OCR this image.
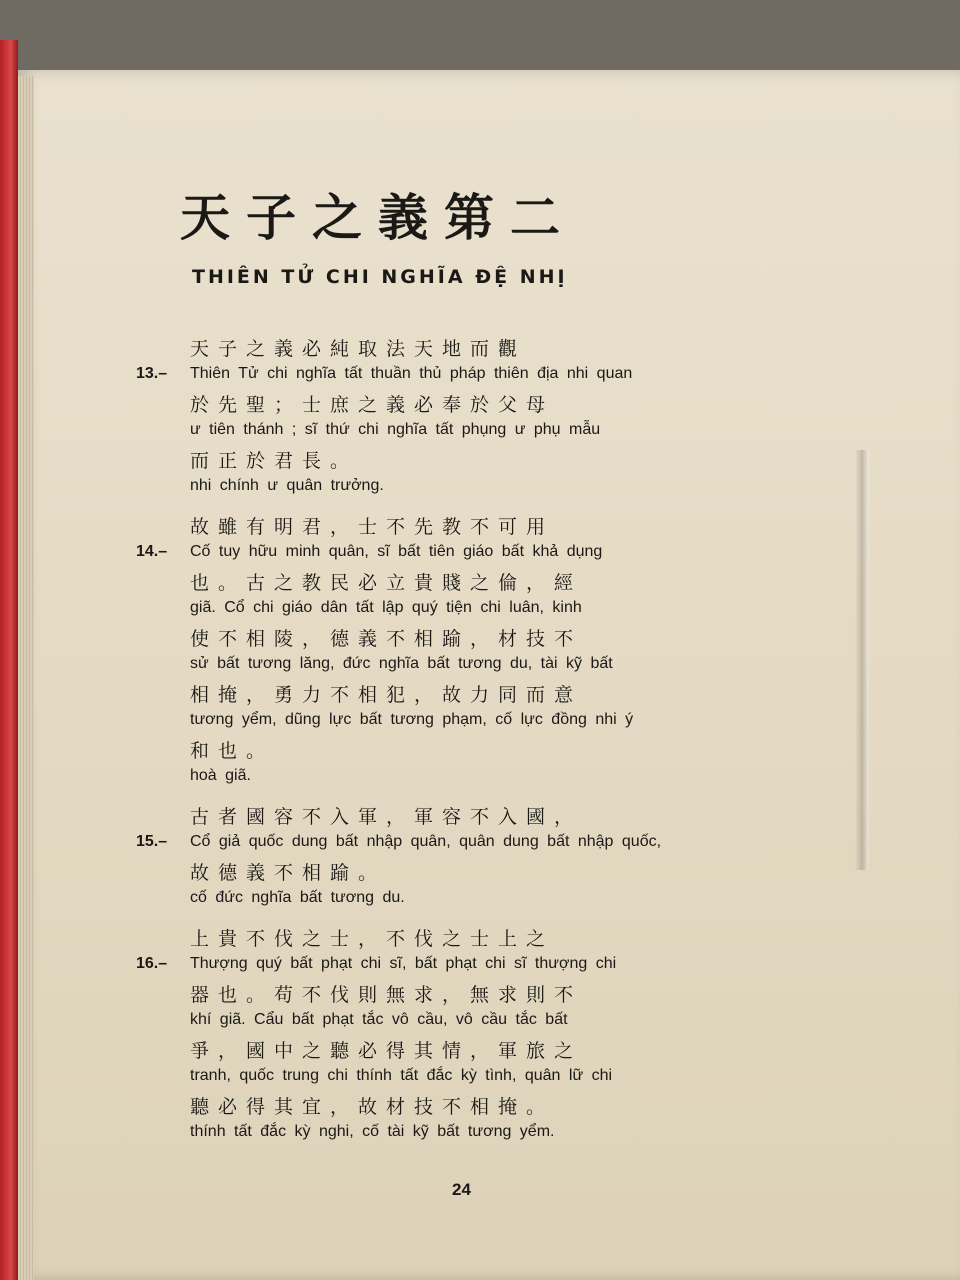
天子之義第二
THIÊN TỬ CHI NGHĨA ĐỆ NHỊ
天子之義必純取法天地而觀
13.– Thiên Tử chi nghĩa tất thuần thủ pháp thiên địa nhi quan
於先聖；士庶之義必奉於父母
ư tiên thánh ; sĩ thứ chi nghĩa tất phụng ư phụ mẫu
而正於君長。
nhi chính ư quân trưởng.
故雖有明君，士不先教不可用
14.– Cố tuy hữu minh quân, sĩ bất tiên giáo bất khả dụng
也。古之教民必立貴賤之倫，經
giã. Cổ chi giáo dân tất lập quý tiện chi luân, kinh
使不相陵，德義不相踰，材技不
sử bất tương lăng, đức nghĩa bất tương du, tài kỹ bất
相掩，勇力不相犯，故力同而意
tương yểm, dũng lực bất tương phạm, cố lực đồng nhi ý
和也。
hoà giã.
古者國容不入軍，軍容不入國，
15.– Cổ giả quốc dung bất nhập quân, quân dung bất nhập quốc,
故德義不相踰。
cố đức nghĩa bất tương du.
上貴不伐之士，不伐之士上之
16.– Thượng quý bất phạt chi sĩ, bất phạt chi sĩ thượng chi
器也。苟不伐則無求，無求則不
khí giã. Cẩu bất phạt tắc vô cầu, vô cầu tắc bất
爭，國中之聽必得其情，軍旅之
tranh, quốc trung chi thính tất đắc kỳ tình, quân lữ chi
聽必得其宜，故材技不相掩。
thính tất đắc kỳ nghi, cố tài kỹ bất tương yểm.
24
